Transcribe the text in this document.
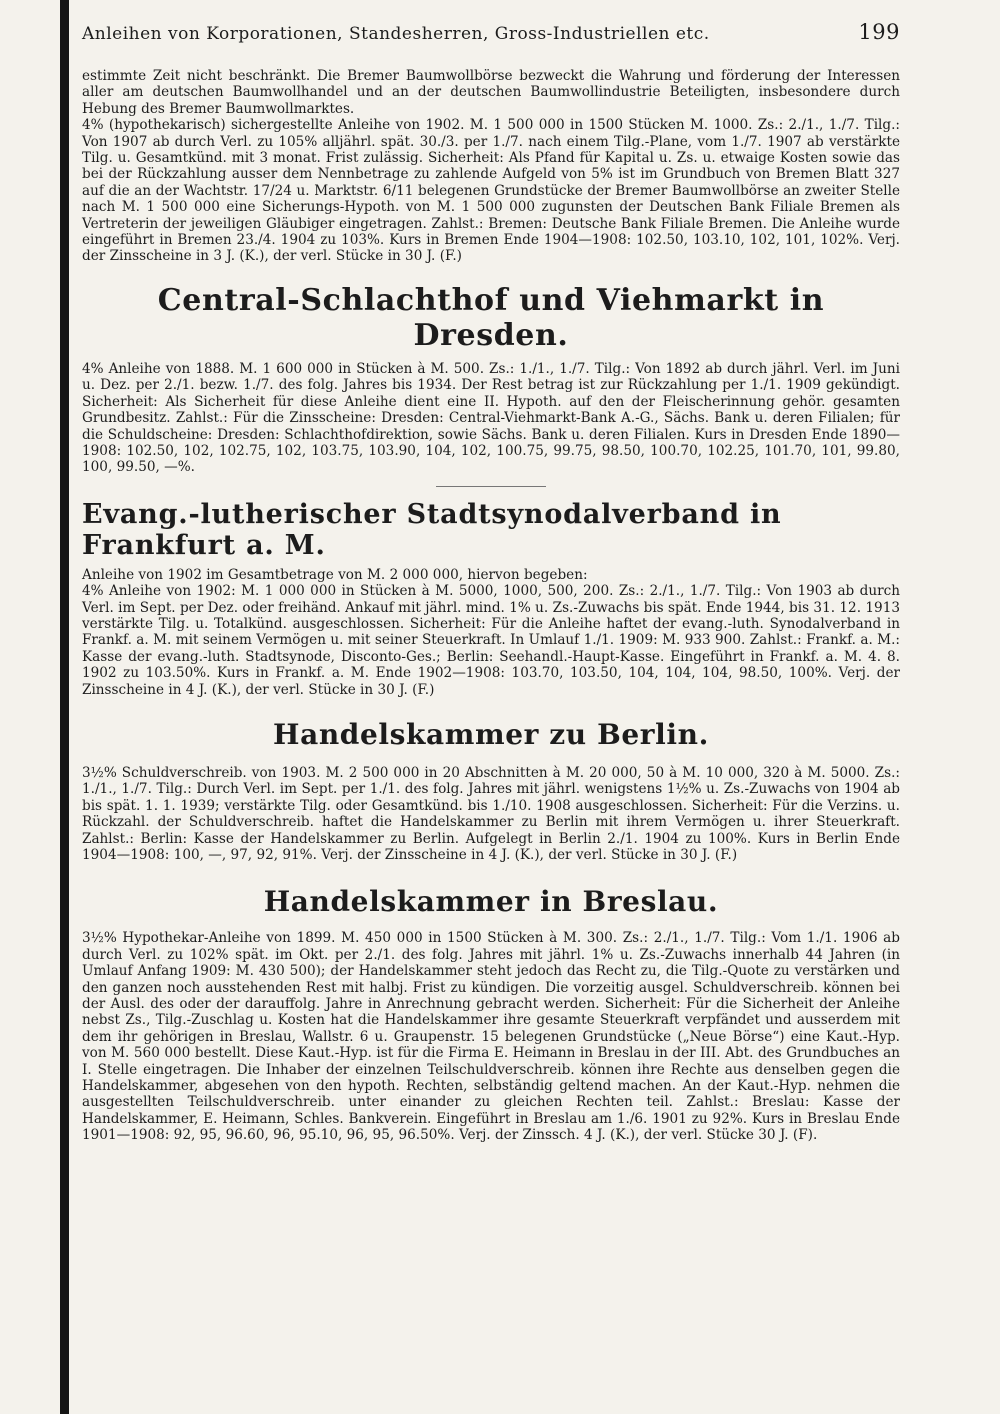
Anleihen von Korporationen, Standesherren, Gross-Industriellen etc.	199

estimmte Zeit nicht beschränkt. Die Bremer Baumwollbörse bezweckt die Wahrung und förderung der Interessen aller am deutschen Baumwollhandel und an der deutschen Baumwollindustrie Beteiligten, insbesondere durch Hebung des Bremer Baumwollmarktes.

4% (hypothekarisch) sichergestellte Anleihe von 1902. M. 1 500 000 in 1500 Stücken M. 1000. Zs.: 2./1., 1./7. Tilg.: Von 1907 ab durch Verl. zu 105% alljährl. spät. 30./3. per 1./7. nach einem Tilg.-Plane, vom 1./7. 1907 ab verstärkte Tilg. u. Gesamtkünd. mit 3 monat. Frist zulässig. Sicherheit: Als Pfand für Kapital u. Zs. u. etwaige Kosten sowie das bei der Rückzahlung ausser dem Nennbetrage zu zahlende Aufgeld von 5% ist im Grundbuch von Bremen Blatt 327 auf die an der Wachtstr. 17/24 u. Marktstr. 6/11 belegenen Grundstücke der Bremer Baumwollbörse an zweiter Stelle nach M. 1 500 000 eine Sicherungs-Hypoth. von M. 1 500 000 zugunsten der Deutschen Bank Filiale Bremen als Vertreterin der jeweiligen Gläubiger eingetragen. Zahlst.: Bremen: Deutsche Bank Filiale Bremen. Die Anleihe wurde eingeführt in Bremen 23./4. 1904 zu 103%. Kurs in Bremen Ende 1904—1908: 102.50, 103.10, 102, 101, 102%. Verj. der Zinsscheine in 3 J. (K.), der verl. Stücke in 30 J. (F.)

Central-Schlachthof und Viehmarkt in Dresden.

4% Anleihe von 1888. M. 1 600 000 in Stücken à M. 500. Zs.: 1./1., 1./7. Tilg.: Von 1892 ab durch jährl. Verl. im Juni u. Dez. per 2./1. bezw. 1./7. des folg. Jahres bis 1934. Der Rest betrag ist zur Rückzahlung per 1./1. 1909 gekündigt. Sicherheit: Als Sicherheit für diese Anleihe dient eine II. Hypoth. auf den der Fleischerinnung gehör. gesamten Grundbesitz. Zahlst.: Für die Zinsscheine: Dresden: Central-Viehmarkt-Bank A.-G., Sächs. Bank u. deren Filialen; für die Schuldscheine: Dresden: Schlachthofdirektion, sowie Sächs. Bank u. deren Filialen. Kurs in Dresden Ende 1890—1908: 102.50, 102, 102.75, 102, 103.75, 103.90, 104, 102, 100.75, 99.75, 98.50, 100.70, 102.25, 101.70, 101, 99.80, 100, 99.50, —%.

Evang.-lutherischer Stadtsynodalverband in Frankfurt a. M.

Anleihe von 1902 im Gesamtbetrage von M. 2 000 000, hiervon begeben:

4% Anleihe von 1902: M. 1 000 000 in Stücken à M. 5000, 1000, 500, 200. Zs.: 2./1., 1./7. Tilg.: Von 1903 ab durch Verl. im Sept. per Dez. oder freihänd. Ankauf mit jährl. mind. 1% u. Zs.-Zuwachs bis spät. Ende 1944, bis 31. 12. 1913 verstärkte Tilg. u. Totalkünd. ausgeschlossen. Sicherheit: Für die Anleihe haftet der evang.-luth. Synodalverband in Frankf. a. M. mit seinem Vermögen u. mit seiner Steuerkraft. In Umlauf 1./1. 1909: M. 933 900. Zahlst.: Frankf. a. M.: Kasse der evang.-luth. Stadtsynode, Disconto-Ges.; Berlin: Seehandl.-Haupt-Kasse. Eingeführt in Frankf. a. M. 4. 8. 1902 zu 103.50%. Kurs in Frankf. a. M. Ende 1902—1908: 103.70, 103.50, 104, 104, 104, 98.50, 100%. Verj. der Zinsscheine in 4 J. (K.), der verl. Stücke in 30 J. (F.)

Handelskammer zu Berlin.

3½% Schuldverschreib. von 1903. M. 2 500 000 in 20 Abschnitten à M. 20 000, 50 à M. 10 000, 320 à M. 5000. Zs.: 1./1., 1./7. Tilg.: Durch Verl. im Sept. per 1./1. des folg. Jahres mit jährl. wenigstens 1½% u. Zs.-Zuwachs von 1904 ab bis spät. 1. 1. 1939; verstärkte Tilg. oder Gesamtkünd. bis 1./10. 1908 ausgeschlossen. Sicherheit: Für die Verzins. u. Rückzahl. der Schuldverschreib. haftet die Handelskammer zu Berlin mit ihrem Vermögen u. ihrer Steuerkraft. Zahlst.: Berlin: Kasse der Handelskammer zu Berlin. Aufgelegt in Berlin 2./1. 1904 zu 100%. Kurs in Berlin Ende 1904—1908: 100, —, 97, 92, 91%. Verj. der Zinsscheine in 4 J. (K.), der verl. Stücke in 30 J. (F.)

Handelskammer in Breslau.

3½% Hypothekar-Anleihe von 1899. M. 450 000 in 1500 Stücken à M. 300. Zs.: 2./1., 1./7. Tilg.: Vom 1./1. 1906 ab durch Verl. zu 102% spät. im Okt. per 2./1. des folg. Jahres mit jährl. 1% u. Zs.-Zuwachs innerhalb 44 Jahren (in Umlauf Anfang 1909: M. 430 500); der Handelskammer steht jedoch das Recht zu, die Tilg.-Quote zu verstärken und den ganzen noch ausstehenden Rest mit halbj. Frist zu kündigen. Die vorzeitig ausgel. Schuldverschreib. können bei der Ausl. des oder der darauffolg. Jahre in Anrechnung gebracht werden. Sicherheit: Für die Sicherheit der Anleihe nebst Zs., Tilg.-Zuschlag u. Kosten hat die Handelskammer ihre gesamte Steuerkraft verpfändet und ausserdem mit dem ihr gehörigen in Breslau, Wallstr. 6 u. Graupenstr. 15 belegenen Grundstücke („Neue Börse“) eine Kaut.-Hyp. von M. 560 000 bestellt. Diese Kaut.-Hyp. ist für die Firma E. Heimann in Breslau in der III. Abt. des Grundbuches an I. Stelle eingetragen. Die Inhaber der einzelnen Teilschuldverschreib. können ihre Rechte aus denselben gegen die Handelskammer, abgesehen von den hypoth. Rechten, selbständig geltend machen. An der Kaut.-Hyp. nehmen die ausgestellten Teilschuldverschreib. unter einander zu gleichen Rechten teil. Zahlst.: Breslau: Kasse der Handelskammer, E. Heimann, Schles. Bankverein. Eingeführt in Breslau am 1./6. 1901 zu 92%. Kurs in Breslau Ende 1901—1908: 92, 95, 96.60, 96, 95.10, 96, 95, 96.50%. Verj. der Zinssch. 4 J. (K.), der verl. Stücke 30 J. (F).
